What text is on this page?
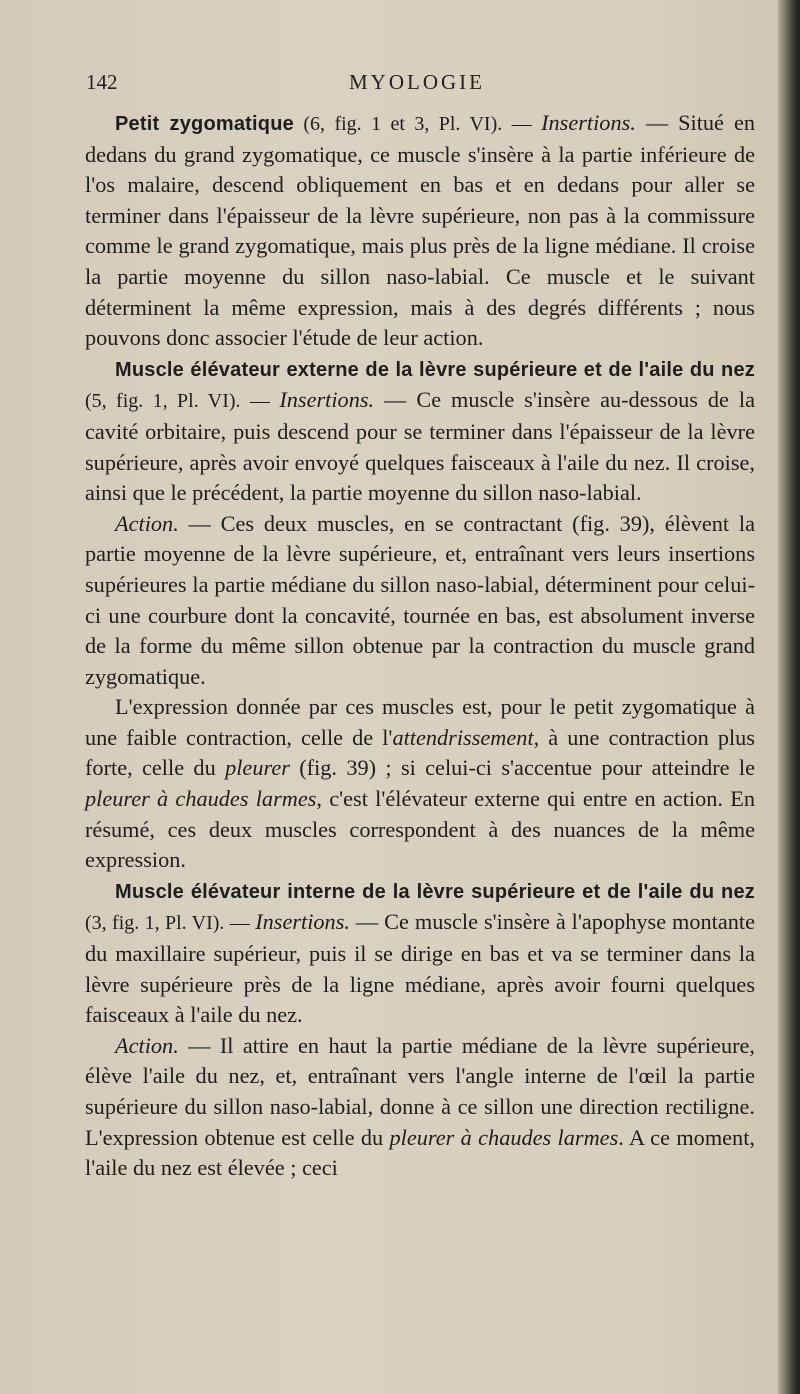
142	MYOLOGIE

Petit zygomatique (6, fig. 1 et 3, Pl. VI). — Insertions. — Situé en dedans du grand zygomatique, ce muscle s'insère à la partie inférieure de l'os malaire, descend obliquement en bas et en dedans pour aller se terminer dans l'épaisseur de la lèvre supérieure, non pas à la commissure comme le grand zygomatique, mais plus près de la ligne médiane. Il croise la partie moyenne du sillon naso-labial. Ce muscle et le suivant déterminent la même expression, mais à des degrés différents ; nous pouvons donc associer l'étude de leur action.

Muscle élévateur externe de la lèvre supérieure et de l'aile du nez (5, fig. 1, Pl. VI). — Insertions. — Ce muscle s'insère au-dessous de la cavité orbitaire, puis descend pour se terminer dans l'épaisseur de la lèvre supérieure, après avoir envoyé quelques faisceaux à l'aile du nez. Il croise, ainsi que le précédent, la partie moyenne du sillon naso-labial.

Action. — Ces deux muscles, en se contractant (fig. 39), élèvent la partie moyenne de la lèvre supérieure, et, entraînant vers leurs insertions supérieures la partie médiane du sillon naso-labial, déterminent pour celui-ci une courbure dont la concavité, tournée en bas, est absolument inverse de la forme du même sillon obtenue par la contraction du muscle grand zygomatique.

L'expression donnée par ces muscles est, pour le petit zygomatique à une faible contraction, celle de l'attendrissement, à une contraction plus forte, celle du pleurer (fig. 39) ; si celui-ci s'accentue pour atteindre le pleurer à chaudes larmes, c'est l'élévateur externe qui entre en action. En résumé, ces deux muscles correspondent à des nuances de la même expression.

Muscle élévateur interne de la lèvre supérieure et de l'aile du nez (3, fig. 1, Pl. VI). — Insertions. — Ce muscle s'insère à l'apophyse montante du maxillaire supérieur, puis il se dirige en bas et va se terminer dans la lèvre supérieure près de la ligne médiane, après avoir fourni quelques faisceaux à l'aile du nez.

Action. — Il attire en haut la partie médiane de la lèvre supérieure, élève l'aile du nez, et, entraînant vers l'angle interne de l'œil la partie supérieure du sillon naso-labial, donne à ce sillon une direction rectiligne. L'expression obtenue est celle du pleurer à chaudes larmes. A ce moment, l'aile du nez est élevée ; ceci
